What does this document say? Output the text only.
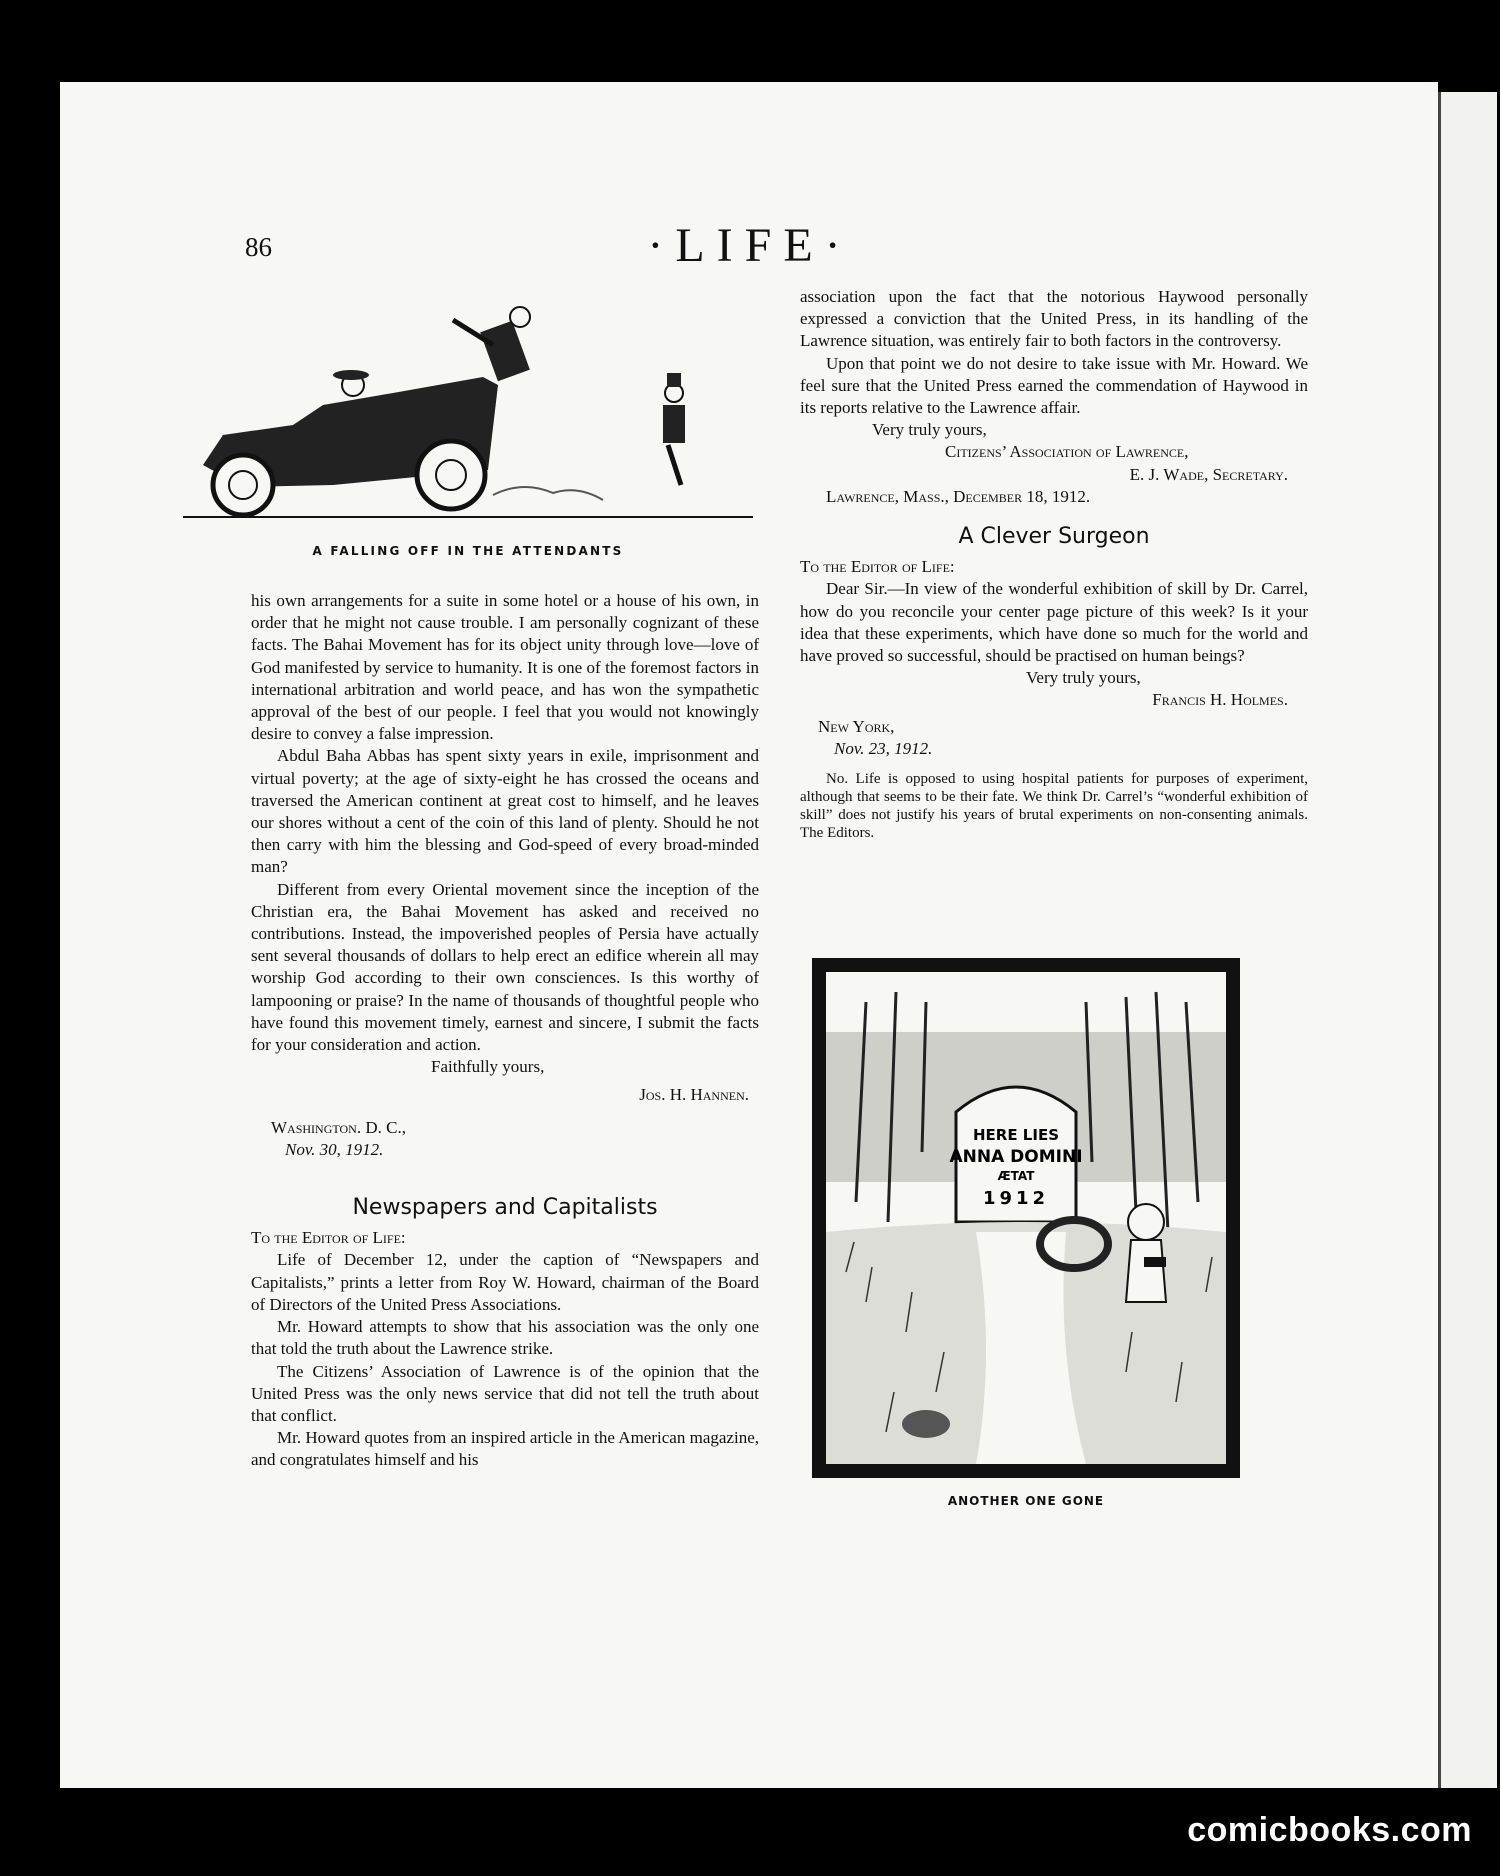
86	·LIFE·
A FALLING OFF IN THE ATTENDANTS

his own arrangements for a suite in some hotel or a house of his own, in order that he might not cause trouble. I am personally cognizant of these facts. The Bahai Movement has for its object unity through love—love of God manifested by service to humanity. It is one of the foremost factors in international arbitration and world peace, and has won the sympathetic approval of the best of our people. I feel that you would not knowingly desire to convey a false impression.

Abdul Baha Abbas has spent sixty years in exile, imprisonment and virtual poverty; at the age of sixty-eight he has crossed the oceans and traversed the American continent at great cost to himself, and he leaves our shores without a cent of the coin of this land of plenty. Should he not then carry with him the blessing and God-speed of every broad-minded man?

Different from every Oriental movement since the inception of the Christian era, the Bahai Movement has asked and received no contributions. Instead, the impoverished peoples of Persia have actually sent several thousands of dollars to help erect an edifice wherein all may worship God according to their own consciences. Is this worthy of lampooning or praise? In the name of thousands of thoughtful people who have found this movement timely, earnest and sincere, I submit the facts for your consideration and action.

Faithfully yours,
Jos. H. Hannen.
Washington. D. C.,
Nov. 30, 1912.
Newspapers and Capitalists
To the Editor of Life:

Life of December 12, under the caption of “Newspapers and Capitalists,” prints a letter from Roy W. Howard, chairman of the Board of Directors of the United Press Associations.

Mr. Howard attempts to show that his association was the only one that told the truth about the Lawrence strike.

The Citizens’ Association of Lawrence is of the opinion that the United Press was the only news service that did not tell the truth about that conflict.

Mr. Howard quotes from an inspired article in the American magazine, and congratulates himself and his

association upon the fact that the notorious Haywood personally expressed a conviction that the United Press, in its handling of the Lawrence situation, was entirely fair to both factors in the controversy.

Upon that point we do not desire to take issue with Mr. Howard. We feel sure that the United Press earned the commendation of Haywood in its reports relative to the Lawrence affair.

Very truly yours,
Citizens’ Association of Lawrence,
E. J. Wade, Secretary.
Lawrence, Mass., December 18, 1912.
A Clever Surgeon
To the Editor of Life:

Dear Sir.—In view of the wonderful exhibition of skill by Dr. Carrel, how do you reconcile your center page picture of this week? Is it your idea that these experiments, which have done so much for the world and have proved so successful, should be practised on human beings?

Very truly yours,
Francis H. Holmes.
New York,
Nov. 23, 1912.

No. Life is opposed to using hospital patients for purposes of experiment, although that seems to be their fate. We think Dr. Carrel’s “wonderful exhibition of skill” does not justify his years of brutal experiments on non-consenting animals. The Editors.

HERE LIES
ANNA DOMINI
ÆTAT
1912
ANOTHER ONE GONE
comicbooks.com
